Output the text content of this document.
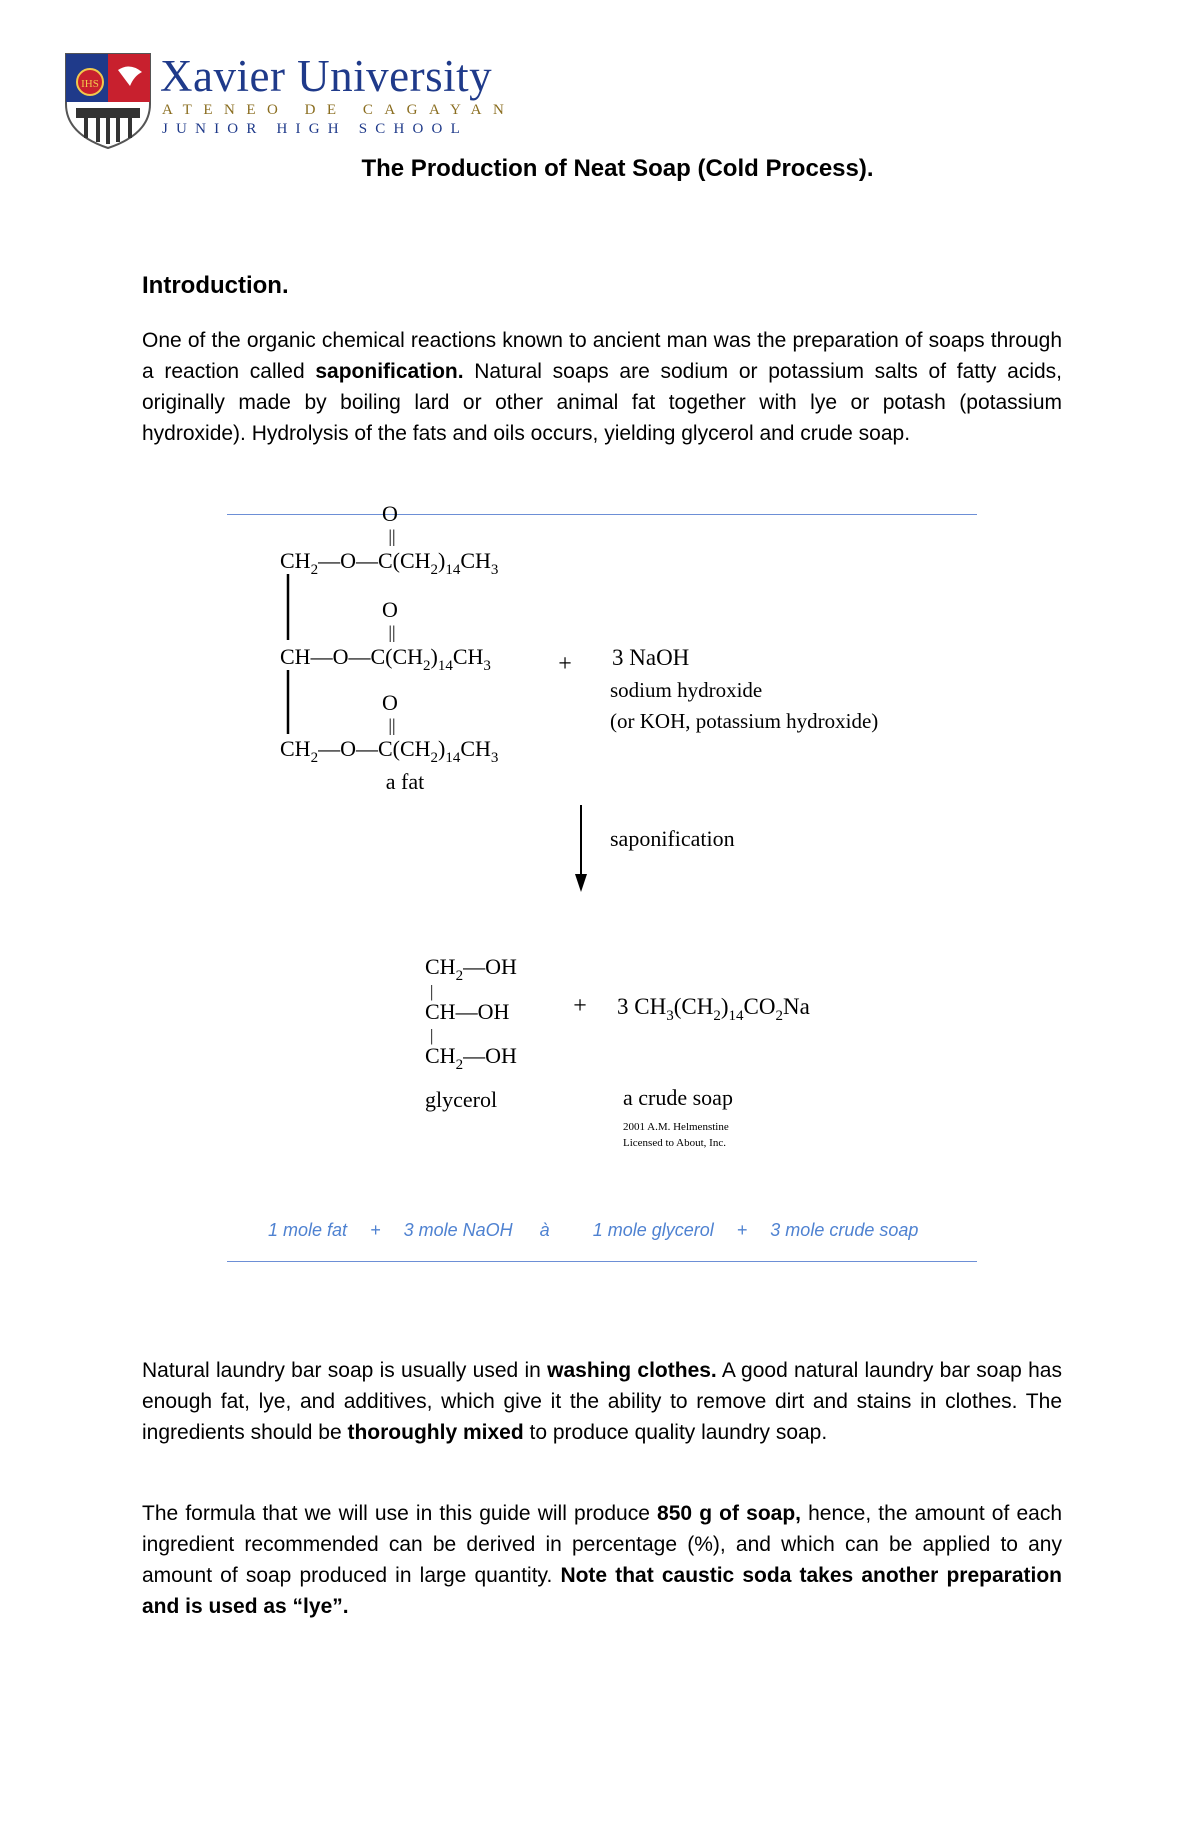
IHS Xavier University
ATENEO DE CAGAYAN
JUNIOR HIGH SCHOOL
The Production of Neat Soap (Cold Process).
Introduction.

One of the organic chemical reactions known to ancient man was the preparation of soaps through a reaction called saponification. Natural soaps are sodium or potassium salts of fatty acids, originally made by boiling lard or other animal fat together with lye or potash (potassium hydroxide). Hydrolysis of the fats and oils occurs, yielding glycerol and crude soap.

O
||
$CH_2—O—C(CH_2)_{14}CH_3$
O
||
$CH—O—C(CH_2)_{14}CH_3$
O
||
$CH_2—O—C(CH_2)_{14}CH_3$
a fat
+ 3 NaOH
sodium hydroxide
(or KOH, potassium hydroxide)
saponification
$CH_2—OH$
|
CH—OH
|
$CH_2—OH$
glycerol
+ 3 $CH_3(CH_2)_{14}CO_2Na$
a crude soap
2001 A.M. Helmenstine
Licensed to About, Inc.
1 mole fat + 3 mole NaOH à 1 mole glycerol + 3 mole crude soap

Natural laundry bar soap is usually used in washing clothes. A good natural laundry bar soap has enough fat, lye, and additives, which give it the ability to remove dirt and stains in clothes. The ingredients should be thoroughly mixed to produce quality laundry soap.

The formula that we will use in this guide will produce 850 g of soap, hence, the amount of each ingredient recommended can be derived in percentage (%), and which can be applied to any amount of soap produced in large quantity. Note that caustic soda takes another preparation and is used as “lye”.
